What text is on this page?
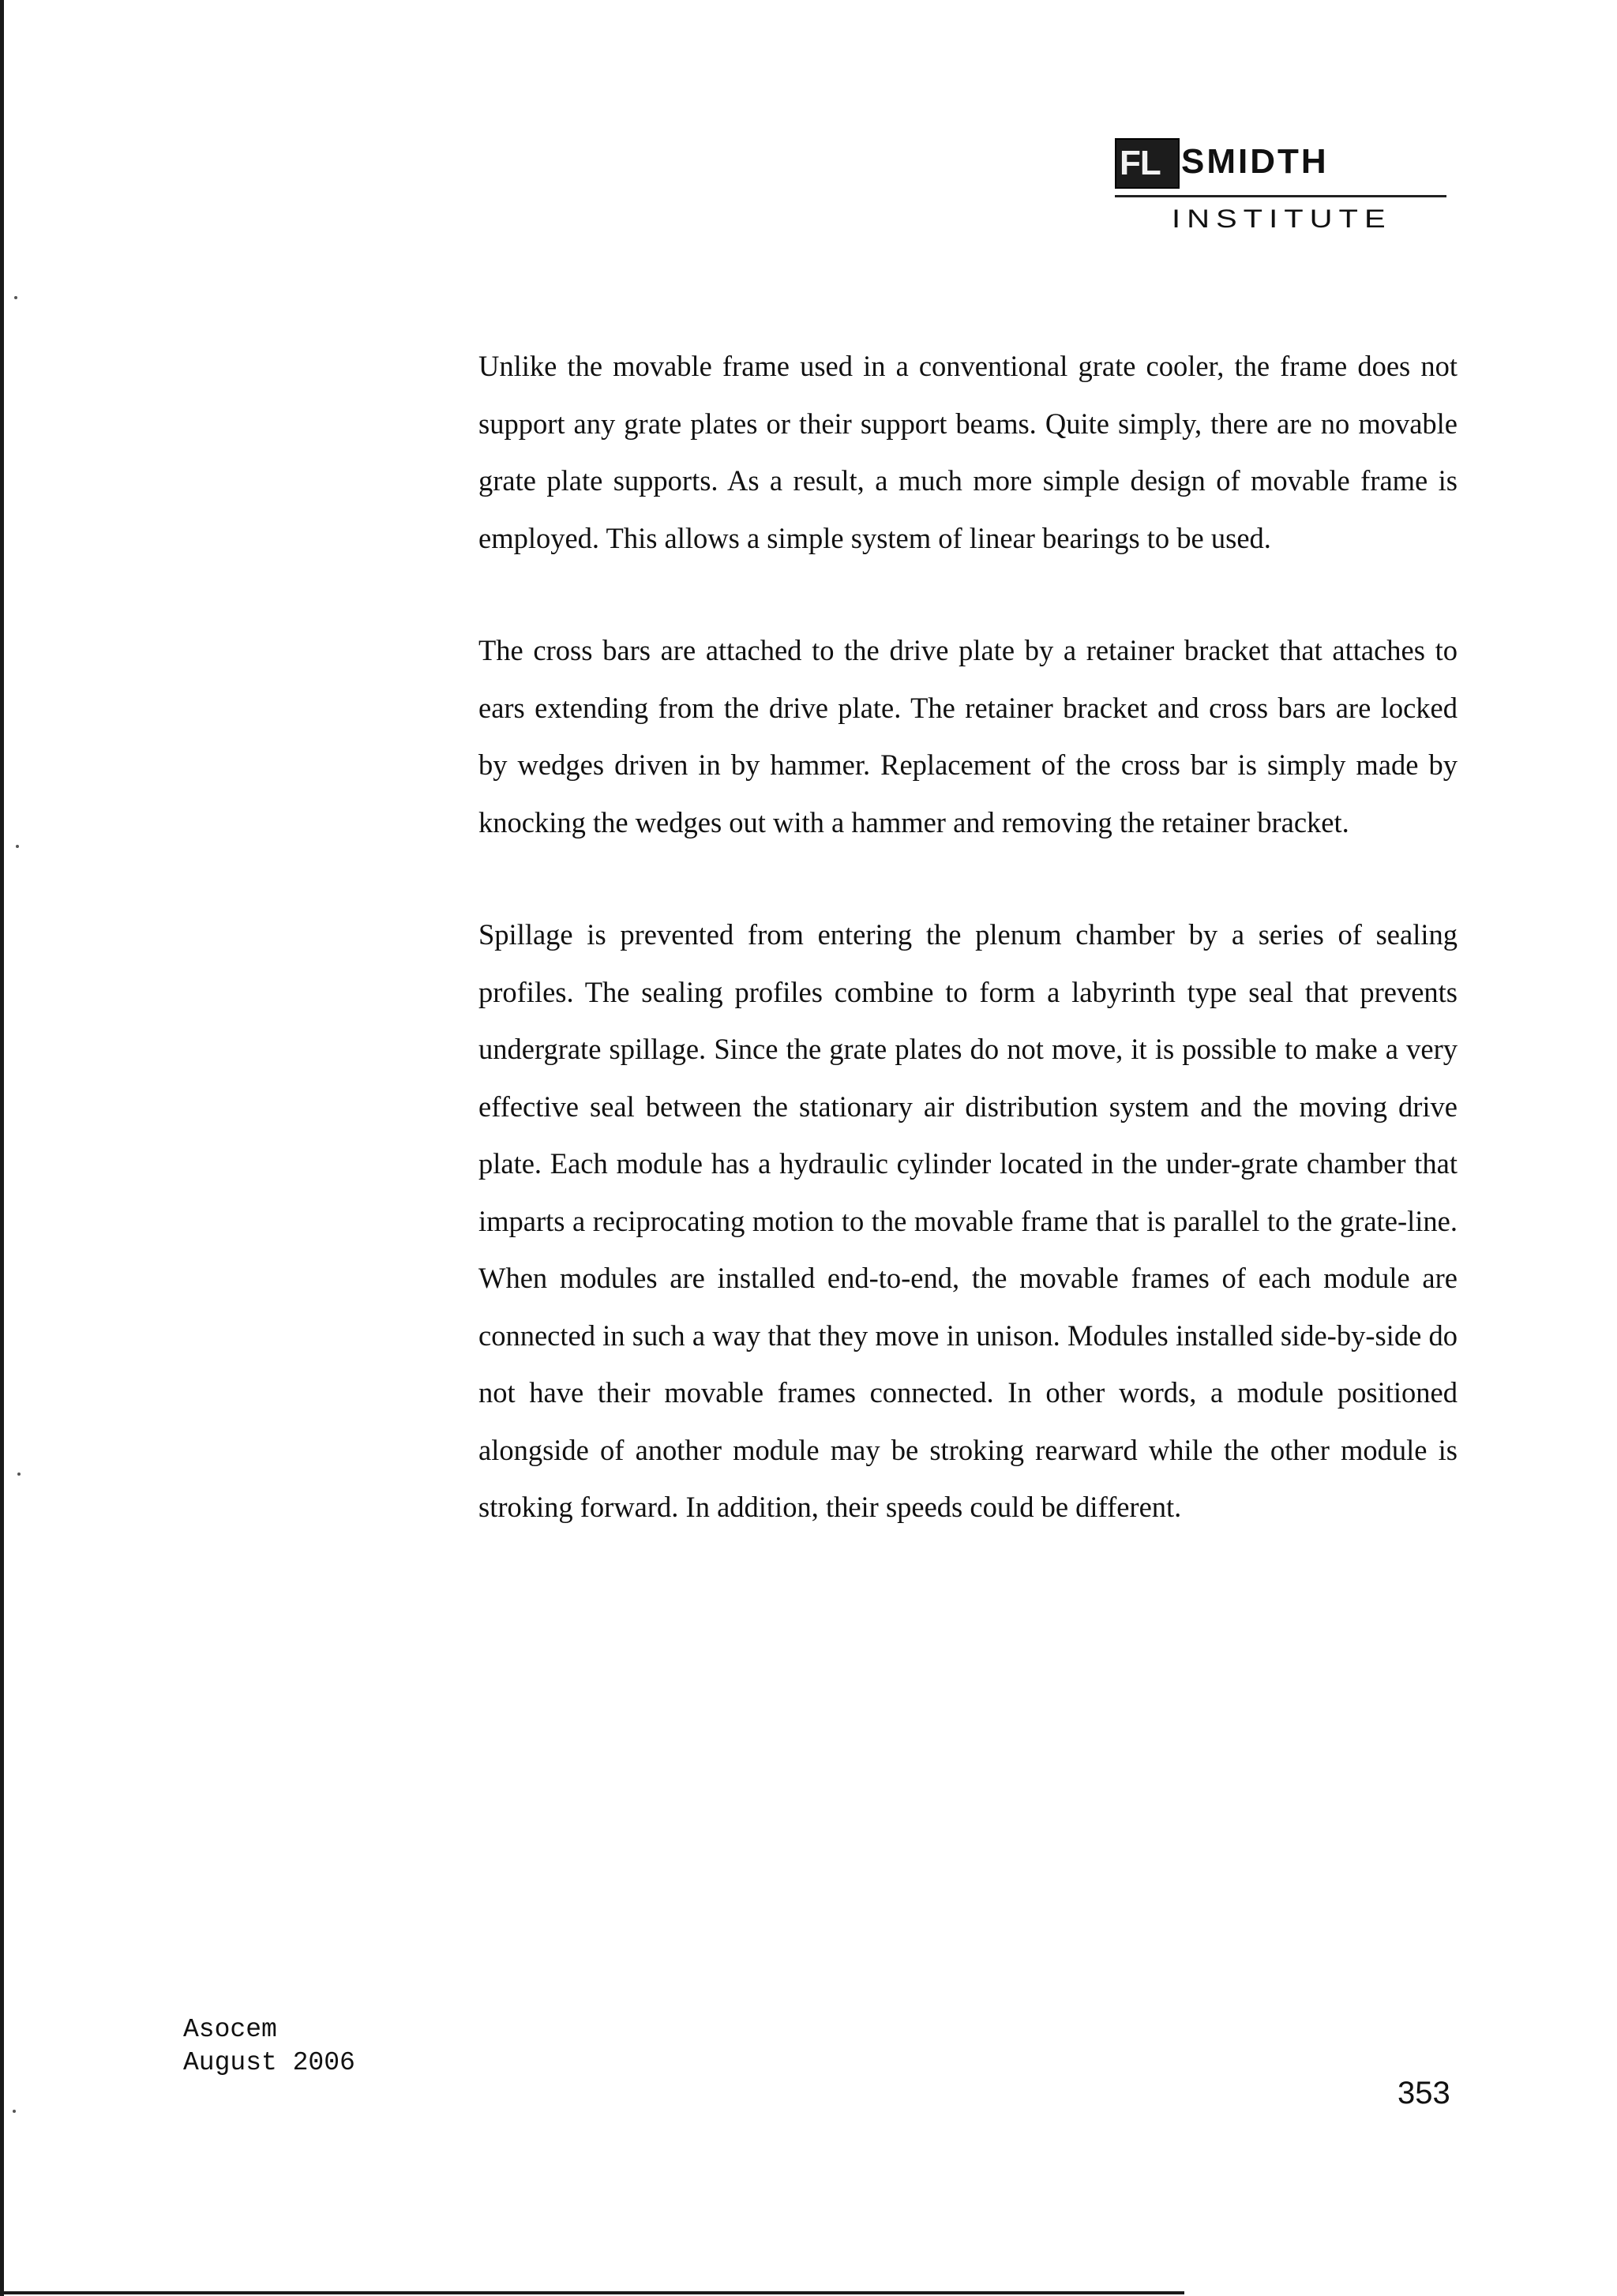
FL SMIDTH
INSTITUTE

Unlike the movable frame used in a conventional grate cooler, the frame does not support any grate plates or their support beams. Quite simply, there are no movable grate plate supports. As a result, a much more simple design of movable frame is employed. This allows a simple system of linear bearings to be used.

The cross bars are attached to the drive plate by a retainer bracket that attaches to ears extending from the drive plate. The retainer bracket and cross bars are locked by wedges driven in by hammer. Replacement of the cross bar is simply made by knocking the wedges out with a hammer and removing the retainer bracket.

Spillage is prevented from entering the plenum chamber by a series of sealing profiles. The sealing profiles combine to form a labyrinth type seal that prevents undergrate spillage. Since the grate plates do not move, it is possible to make a very effective seal between the stationary air distribution system and the moving drive plate. Each module has a hydraulic cylinder located in the under-grate chamber that imparts a reciprocating motion to the movable frame that is parallel to the grate-line. When modules are installed end-to-end, the movable frames of each module are connected in such a way that they move in unison. Modules installed side-by-side do not have their movable frames connected. In other words, a module positioned alongside of another module may be stroking rearward while the other module is stroking forward. In addition, their speeds could be different.

Asocem
August 2006
353
